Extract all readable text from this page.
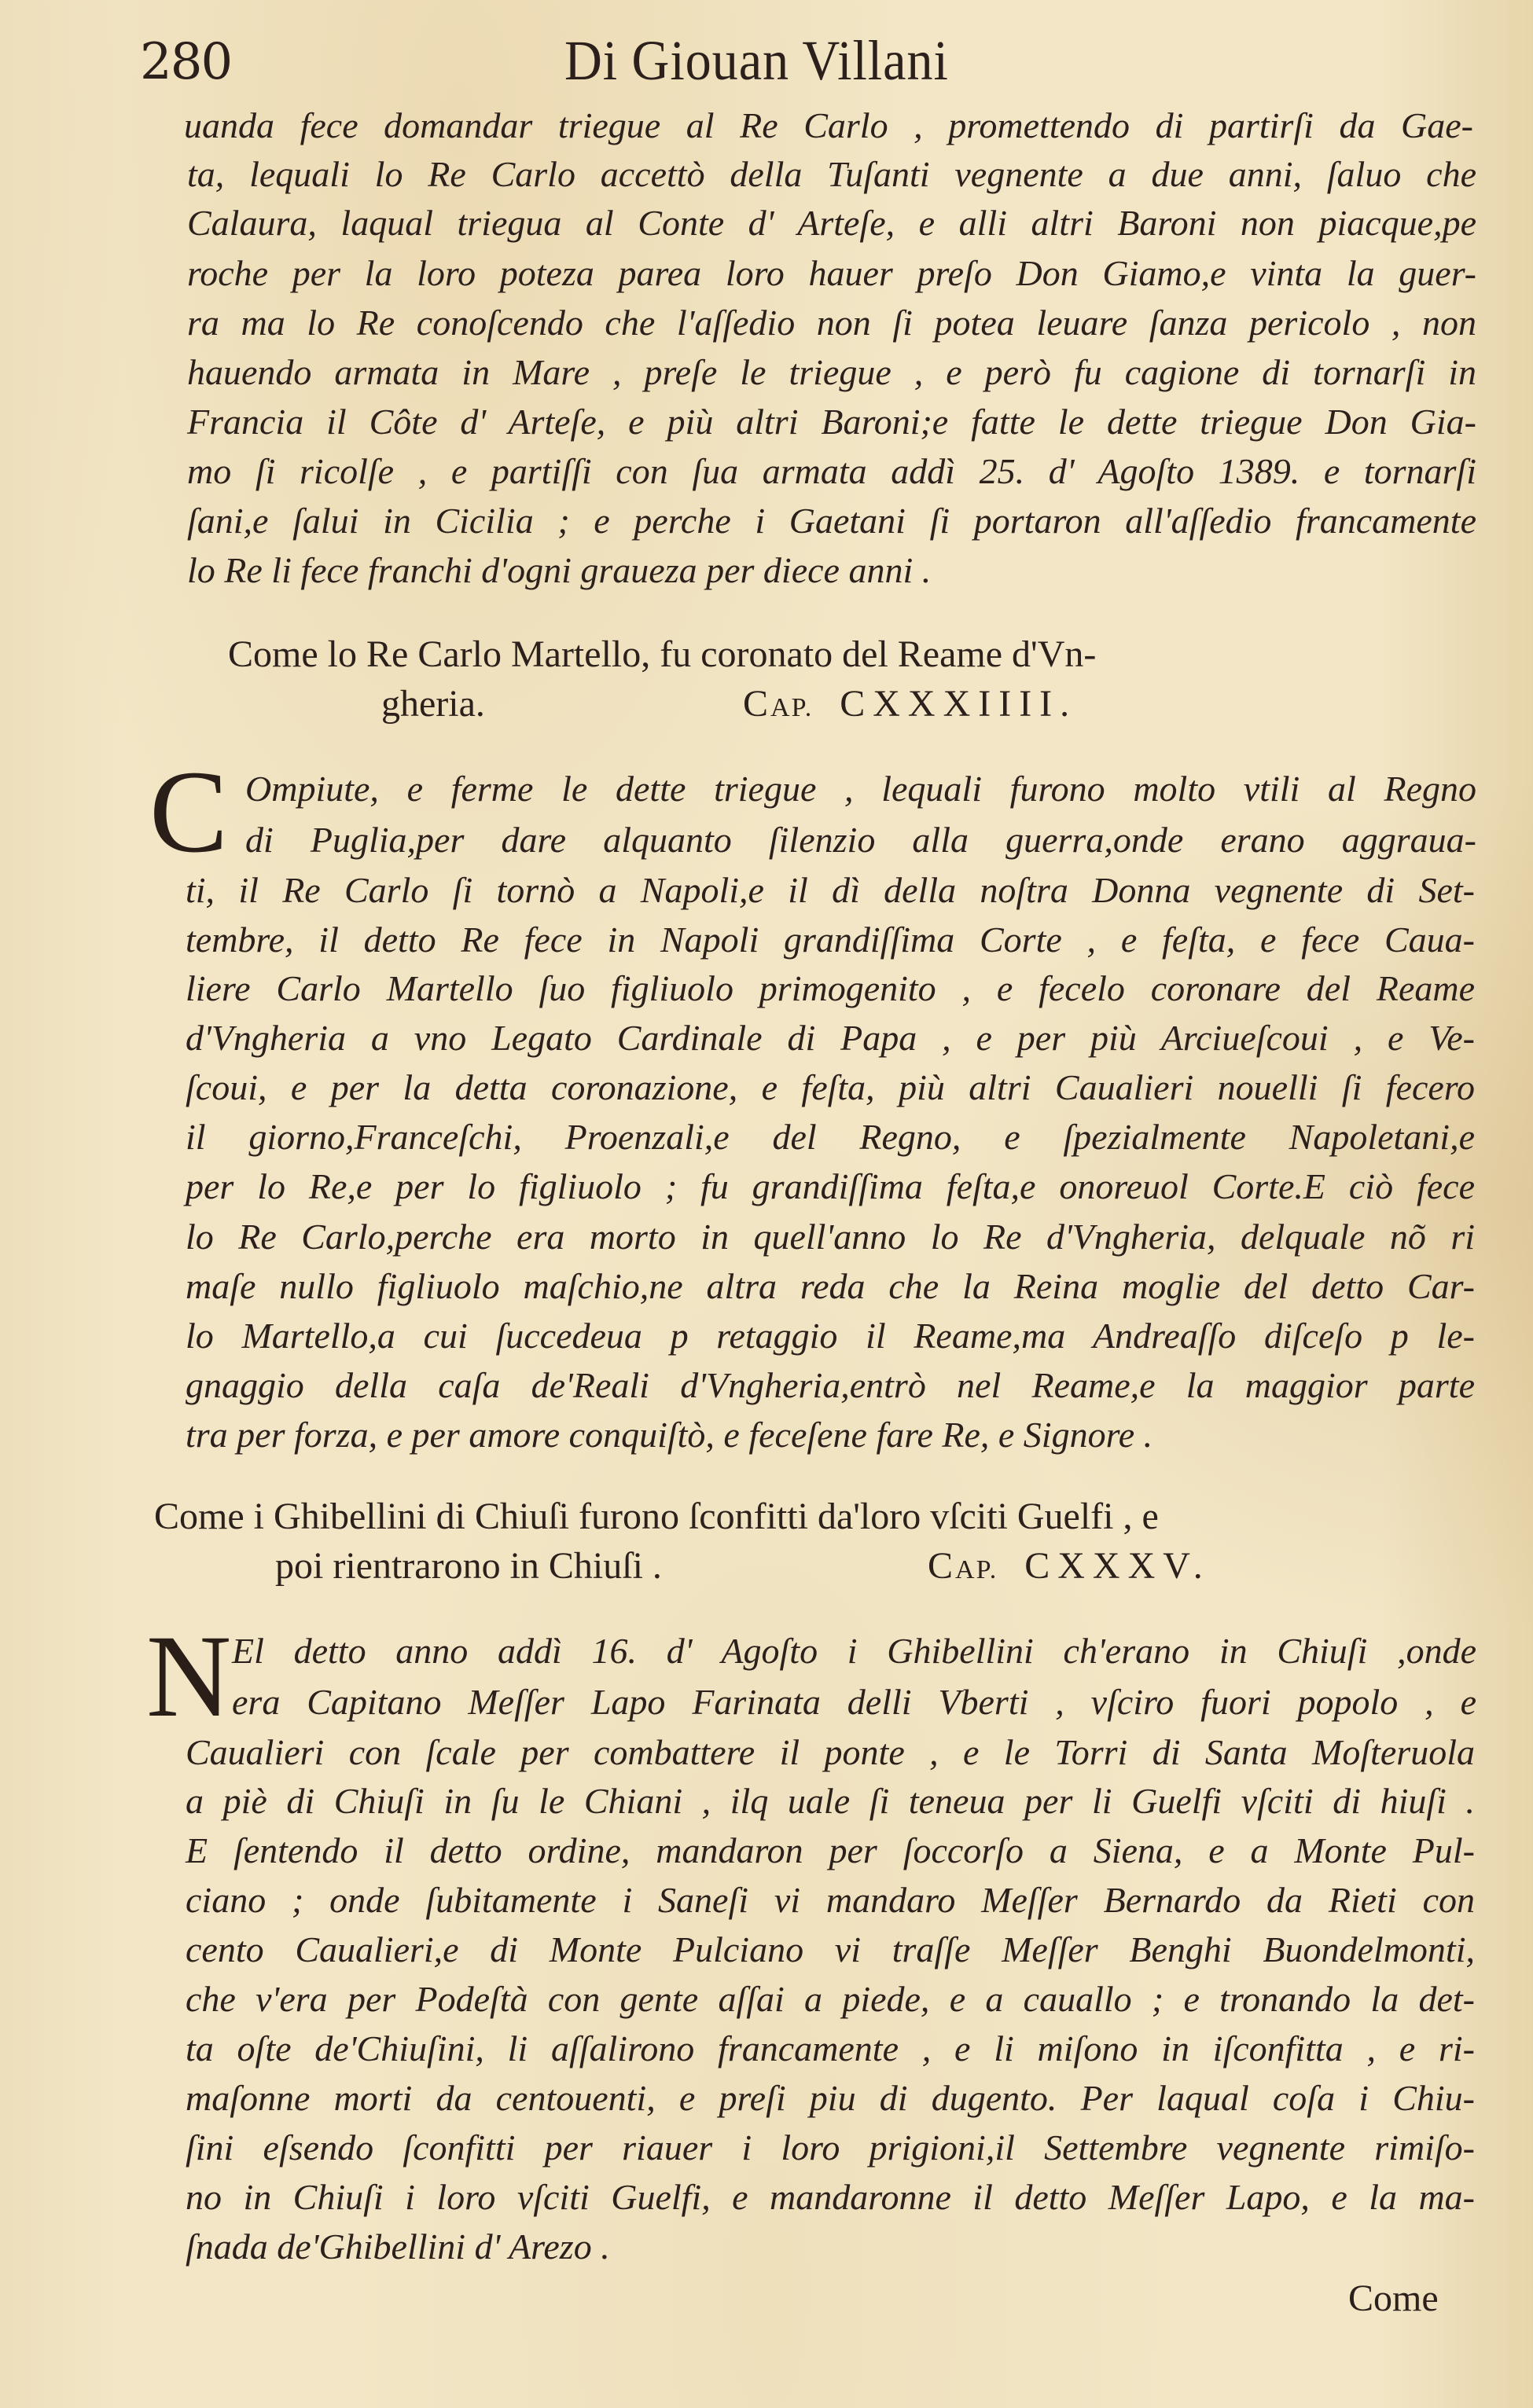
280	Di Giouan Villani
uanda fece domandar triegue al Re Carlo , promettendo di partirſi da Gae-
ta, lequali lo Re Carlo accettò della Tuſanti vegnente a due anni, ſaluo che
Calaura, laqual triegua al Conte d' Arteſe, e alli altri Baroni non piacque,pe
roche per la loro poteza parea loro hauer preſo Don Giamo,e vinta la guer-
ra ma lo Re conoſcendo che l'aſſedio non ſi potea leuare ſanza pericolo , non
hauendo armata in Mare , preſe le triegue , e però fu cagione di tornarſi in
Francia il Côte d' Arteſe, e più altri Baroni;e fatte le dette triegue Don Gia-
mo ſi ricolſe , e partiſſi con ſua armata addì 25. d' Agoſto 1389. e tornarſi
ſani,e ſalui in Cicilia ; e perche i Gaetani ſi portaron all'aſſedio francamente
lo Re li fece franchi d'ogni graueza per diece anni .
Come lo Re Carlo Martello, fu coronato del Reame d'Vn-
gheria.	CAP. CXXXIIII.
C Ompiute, e ferme le dette triegue , lequali furono molto vtili al Regno
di Puglia,per dare alquanto ſilenzio alla guerra,onde erano aggraua-
ti, il Re Carlo ſi tornò a Napoli,e il dì della noſtra Donna vegnente di Set-
tembre, il detto Re fece in Napoli grandiſſima Corte , e feſta, e fece Caua-
liere Carlo Martello ſuo figliuolo primogenito , e fecelo coronare del Reame
d'Vngheria a vno Legato Cardinale di Papa , e per più Arciueſcoui , e Ve-
ſcoui, e per la detta coronazione, e feſta, più altri Caualieri nouelli ſi fecero
il giorno,Franceſchi, Proenzali,e del Regno, e ſpezialmente Napoletani,e
per lo Re,e per lo figliuolo ; fu grandiſſima feſta,e onoreuol Corte.E ciò fece
lo Re Carlo,perche era morto in quell'anno lo Re d'Vngheria, delquale nõ ri
maſe nullo figliuolo maſchio,ne altra reda che la Reina moglie del detto Car-
lo Martello,a cui ſuccedeua p retaggio il Reame,ma Andreaſſo diſceſo p le-
gnaggio della caſa de'Reali d'Vngheria,entrò nel Reame,e la maggior parte
tra per forza, e per amore conquiſtò, e feceſene fare Re, e Signore .
Come i Ghibellini di Chiuſi furono ſconfitti da'loro vſciti Guelfi , e
poi rientrarono in Chiuſi .	CAP. CXXXV.
N El detto anno addì 16. d' Agoſto i Ghibellini ch'erano in Chiuſi ,onde
era Capitano Meſſer Lapo Farinata delli Vberti , vſciro fuori popolo , e
Caualieri con ſcale per combattere il ponte , e le Torri di Santa Moſteruola
a piè di Chiuſi in ſu le Chiani , ilq uale ſi teneua per li Guelfi vſciti di hiuſi .
E ſentendo il detto ordine, mandaron per ſoccorſo a Siena, e a Monte Pul-
ciano ; onde ſubitamente i Saneſi vi mandaro Meſſer Bernardo da Rieti con
cento Caualieri,e di Monte Pulciano vi traſſe Meſſer Benghi Buondelmonti,
che v'era per Podeſtà con gente aſſai a piede, e a cauallo ; e tronando la det-
ta oſte de'Chiuſini, li aſſalirono francamente , e li miſono in iſconfitta , e ri-
maſonne morti da centouenti, e preſi piu di dugento. Per laqual coſa i Chiu-
ſini eſsendo ſconfitti per riauer i loro prigioni,il Settembre vegnente rimiſo-
no in Chiuſi i loro vſciti Guelfi, e mandaronne il detto Meſſer Lapo, e la ma-
ſnada de'Ghibellini d' Arezo .
Come
